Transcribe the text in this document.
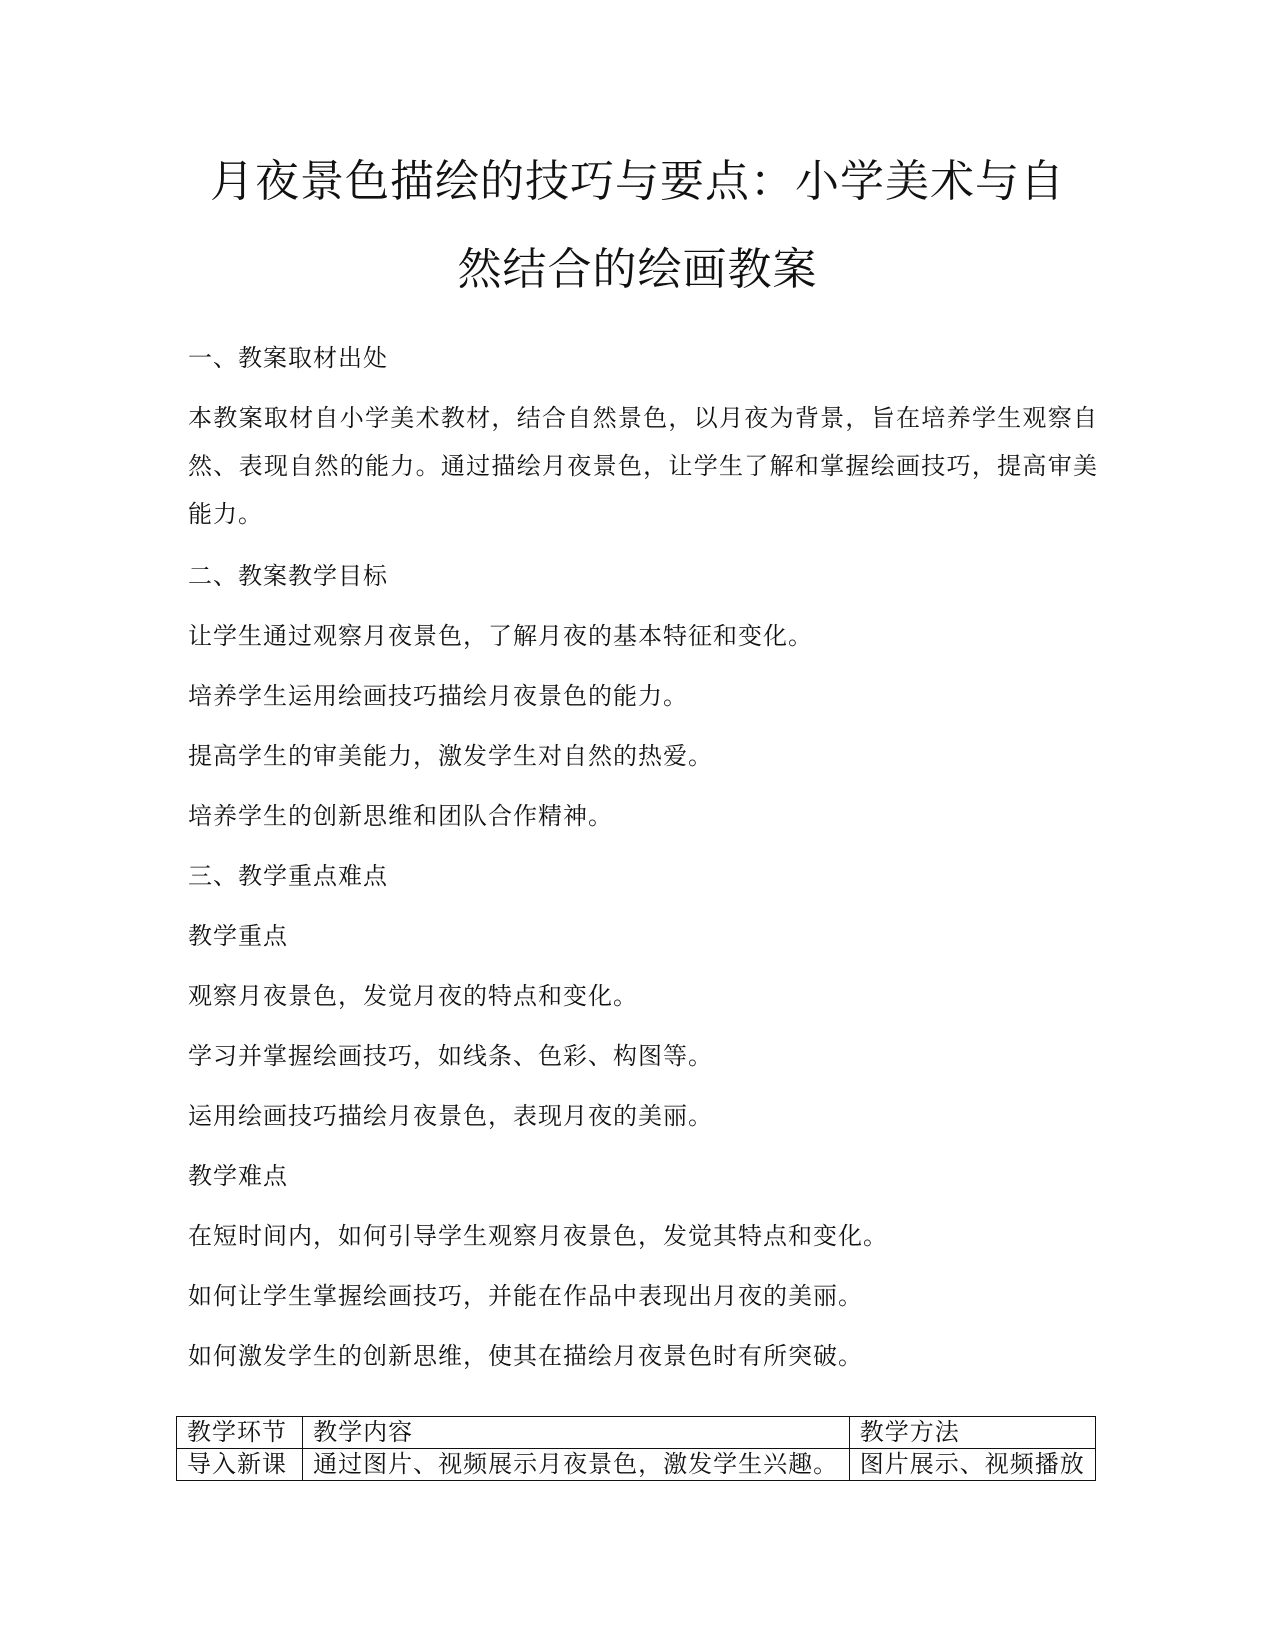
月夜景色描绘的技巧与要点：小学美术与自
然结合的绘画教案

一、教案取材出处

本教案取材自小学美术教材，结合自然景色，以月夜为背景，旨在培养学生观察自然、表现自然的能力。通过描绘月夜景色，让学生了解和掌握绘画技巧，提高审美能力。

二、教案教学目标

让学生通过观察月夜景色，了解月夜的基本特征和变化。

培养学生运用绘画技巧描绘月夜景色的能力。

提高学生的审美能力，激发学生对自然的热爱。

培养学生的创新思维和团队合作精神。

三、教学重点难点

教学重点

观察月夜景色，发觉月夜的特点和变化。

学习并掌握绘画技巧，如线条、色彩、构图等。

运用绘画技巧描绘月夜景色，表现月夜的美丽。

教学难点

在短时间内，如何引导学生观察月夜景色，发觉其特点和变化。

如何让学生掌握绘画技巧，并能在作品中表现出月夜的美丽。

如何激发学生的创新思维，使其在描绘月夜景色时有所突破。

教学环节	教学内容	教学方法
导入新课	通过图片、视频展示月夜景色，激发学生兴趣。	图片展示、视频播放
